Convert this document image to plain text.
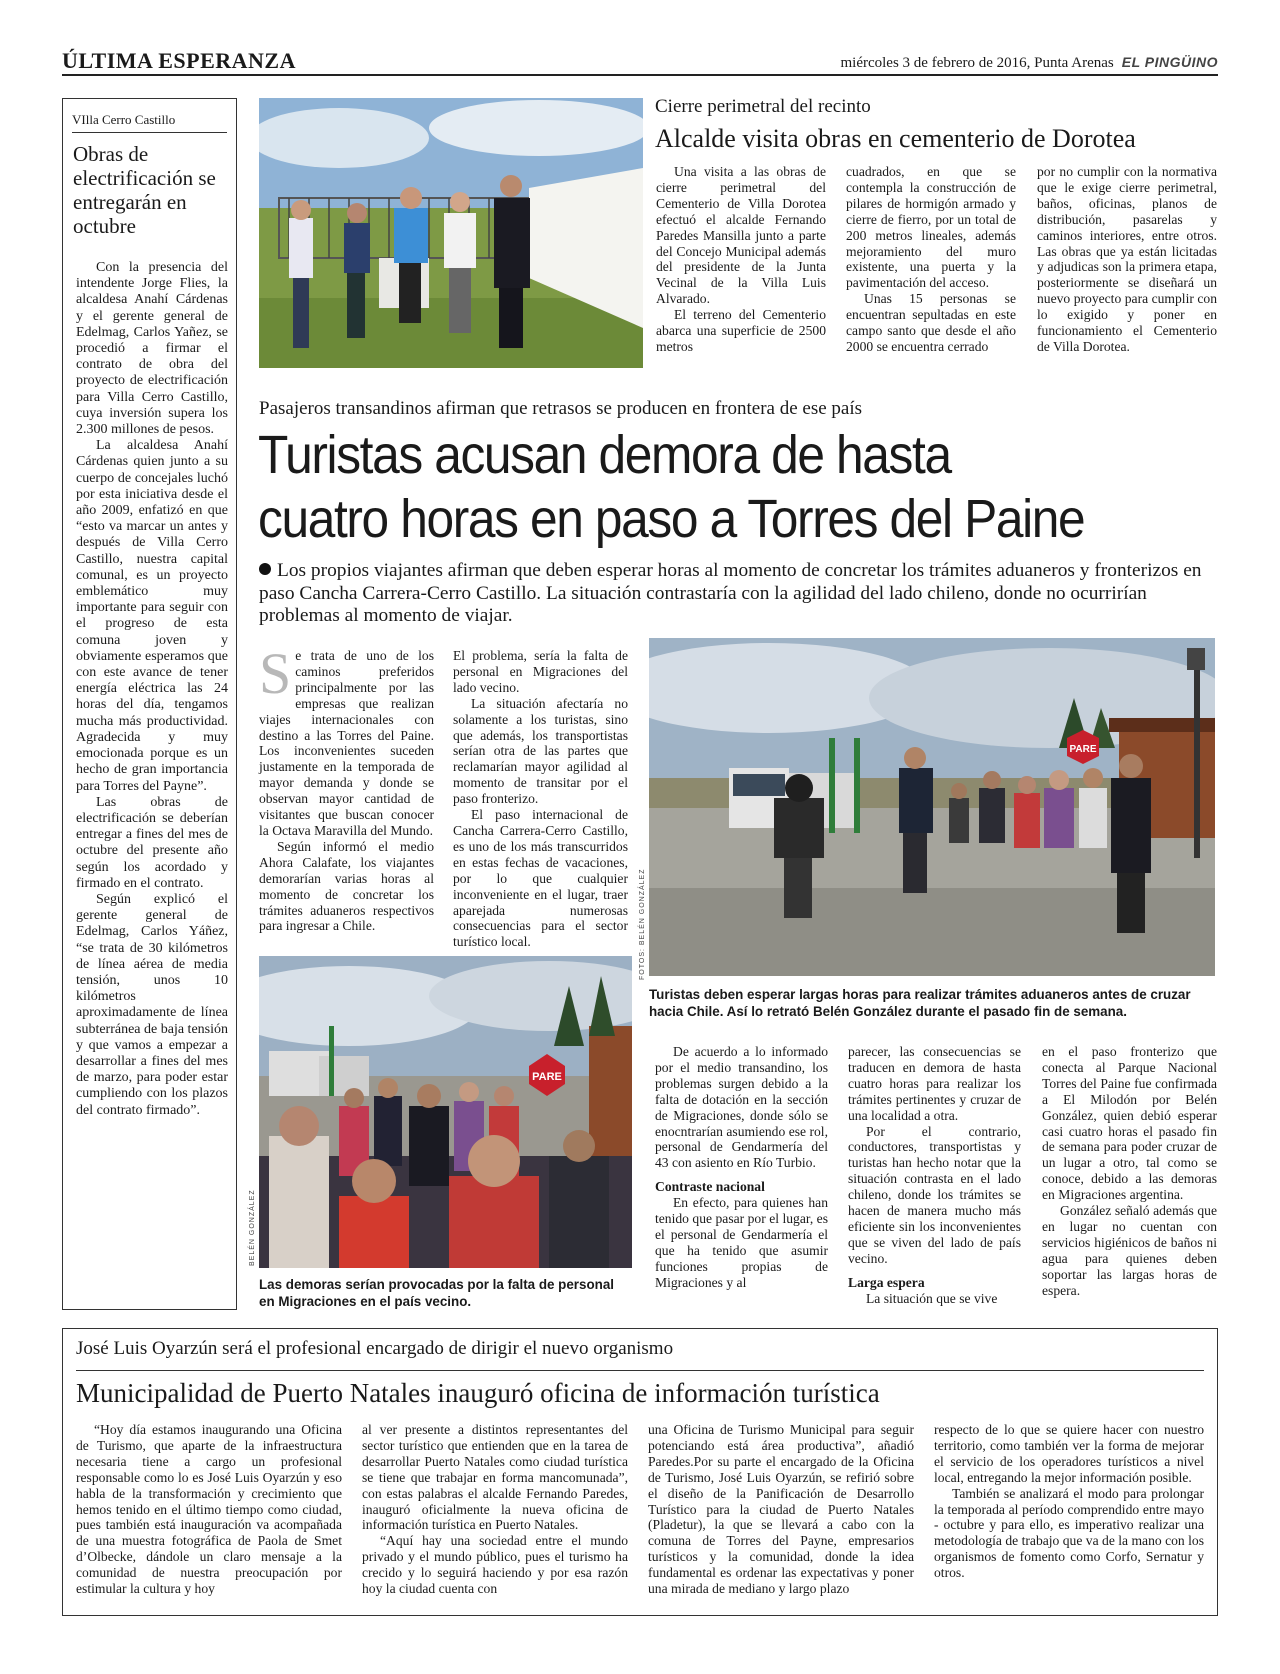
ÚLTIMA ESPERANZA	miércoles 3 de febrero de 2016, Punta Arenas EL PINGÜINO
VIlla Cerro Castillo
Obras de electrificación se entregarán en octubre

Con la presencia del intendente Jorge Flies, la alcaldesa Anahí Cárdenas y el gerente general de Edelmag, Carlos Yañez, se procedió a firmar el contrato de obra del proyecto de electrificación para Villa Cerro Castillo, cuya inversión supera los 2.300 millones de pesos.

La alcaldesa Anahí Cárdenas quien junto a su cuerpo de concejales luchó por esta iniciativa desde el año 2009, enfatizó en que “esto va marcar un antes y después de Villa Cerro Castillo, nuestra capital comunal, es un proyecto emblemático muy importante para seguir con el progreso de esta comuna joven y obviamente esperamos que con este avance de tener energía eléctrica las 24 horas del día, tengamos mucha más productividad. Agradecida y muy emocionada porque es un hecho de gran importancia para Torres del Payne”.

Las obras de electrificación se deberían entregar a fines del mes de octubre del presente año según los acordado y firmado en el contrato.

Según explicó el gerente general de Edelmag, Carlos Yáñez, “se trata de 30 kilómetros de línea aérea de media tensión, unos 10 kilómetros aproximadamente de línea subterránea de baja tensión y que vamos a empezar a desarrollar a fines del mes de marzo, para poder estar cumpliendo con los plazos del contrato firmado”.

Cierre perimetral del recinto
Alcalde visita obras en cementerio de Dorotea

Una visita a las obras de cierre perimetral del Cementerio de Villa Dorotea efectuó el alcalde Fernando Paredes Mansilla junto a parte del Concejo Municipal además del presidente de la Junta Vecinal de la Villa Luis Alvarado.

El terreno del Cementerio abarca una superficie de 2500 metros

cuadrados, en que se contempla la construcción de pilares de hormigón armado y cierre de fierro, por un total de 200 metros lineales, además mejoramiento del muro existente, una puerta y la pavimentación del acceso.

Unas 15 personas se encuentran sepultadas en este campo santo que desde el año 2000 se encuentra cerrado

por no cumplir con la normativa que le exige cierre perimetral, baños, oficinas, planos de distribución, pasarelas y caminos interiores, entre otros. Las obras que ya están licitadas y adjudicas son la primera etapa, posteriormente se diseñará un nuevo proyecto para cumplir con lo exigido y poner en funcionamiento el Cementerio de Villa Dorotea.

Pasajeros transandinos afirman que retrasos se producen en frontera de ese país
Turistas acusan demora de hasta
cuatro horas en paso a Torres del Paine
Los propios viajantes afirman que deben esperar horas al momento de concretar los trámites aduaneros y fronterizos en paso Cancha Carrera-Cerro Castillo. La situación contrastaría con la agilidad del lado chileno, donde no ocurrirían problemas al momento de viajar.
S e trata de uno de los caminos preferidos principalmente por las empresas que realizan viajes internacionales con destino a las Torres del Paine. Los inconvenientes suceden justamente en la temporada de mayor demanda y donde se observan mayor cantidad de visitantes que buscan conocer la Octava Maravilla del Mundo.

Según informó el medio Ahora Calafate, los viajantes demorarían varias horas al momento de concretar los trámites aduaneros respectivos para ingresar a Chile.

El problema, sería la falta de personal en Migraciones del lado vecino.

La situación afectaría no solamente a los turistas, sino que además, los transportistas serían otra de las partes que reclamarían mayor agilidad al momento de transitar por el paso fronterizo.

El paso internacional de Cancha Carrera-Cerro Castillo, es uno de los más transcurridos en estas fechas de vacaciones, por lo que cualquier inconveniente en el lugar, traer aparejada numerosas consecuencias para el sector turístico local.

PARE
FOTOS: BELÉN GONZÁLEZ
Turistas deben esperar largas horas para realizar trámites aduaneros antes de cruzar hacia Chile. Así lo retrató Belén González durante el pasado fin de semana.
PARE
BELÉN GONZÁLEZ
Las demoras serían provocadas por la falta de personal en Migraciones en el país vecino.

De acuerdo a lo informado por el medio transandino, los problemas surgen debido a la falta de dotación en la sección de Migraciones, donde sólo se enocntrarían asumiendo ese rol, personal de Gendarmería del 43 con asiento en Río Turbio.

Contraste nacional

En efecto, para quienes han tenido que pasar por el lugar, es el personal de Gendarmería el que ha tenido que asumir funciones propias de Migraciones y al

parecer, las consecuencias se traducen en demora de hasta cuatro horas para realizar los trámites pertinentes y cruzar de una localidad a otra.

Por el contrario, conductores, transportistas y turistas han hecho notar que la situación contrasta en el lado chileno, donde los trámites se hacen de manera mucho más eficiente sin los inconvenientes que se viven del lado de país vecino.

Larga espera

La situación que se vive

en el paso fronterizo que conecta al Parque Nacional Torres del Paine fue confirmada a El Milodón por Belén González, quien debió esperar casi cuatro horas el pasado fin de semana para poder cruzar de un lugar a otro, tal como se conoce, debido a las demoras en Migraciones argentina.

González señaló además que en lugar no cuentan con servicios higiénicos de baños ni agua para quienes deben soportar las largas horas de espera.

José Luis Oyarzún será el profesional encargado de dirigir el nuevo organismo
Municipalidad de Puerto Natales inauguró oficina de información turística

“Hoy día estamos inaugurando una Oficina de Turismo, que aparte de la infraestructura necesaria tiene a cargo un profesional responsable como lo es José Luis Oyarzún y eso habla de la transformación y crecimiento que hemos tenido en el último tiempo como ciudad, pues también está inauguración va acompañada de una muestra fotográfica de Paola de Smet d’Olbecke, dándole un claro mensaje a la comunidad de nuestra preocupación por estimular la cultura y hoy

al ver presente a distintos representantes del sector turístico que entienden que en la tarea de desarrollar Puerto Natales como ciudad turística se tiene que trabajar en forma mancomunada”, con estas palabras el alcalde Fernando Paredes, inauguró oficialmente la nueva oficina de información turística en Puerto Natales.

“Aquí hay una sociedad entre el mundo privado y el mundo público, pues el turismo ha crecido y lo seguirá haciendo y por esa razón hoy la ciudad cuenta con

una Oficina de Turismo Municipal para seguir potenciando está área productiva”, añadió Paredes.Por su parte el encargado de la Oficina de Turismo, José Luis Oyarzún, se refirió sobre el diseño de la Panificación de Desarrollo Turístico para la ciudad de Puerto Natales (Pladetur), la que se llevará a cabo con la comuna de Torres del Payne, empresarios turísticos y la comunidad, donde la idea fundamental es ordenar las expectativas y poner una mirada de mediano y largo plazo

respecto de lo que se quiere hacer con nuestro territorio, como también ver la forma de mejorar el servicio de los operadores turísticos a nivel local, entregando la mejor información posible.

También se analizará el modo para prolongar la temporada al período comprendido entre mayo - octubre y para ello, es imperativo realizar una metodología de trabajo que va de la mano con los organismos de fomento como Corfo, Sernatur y otros.
